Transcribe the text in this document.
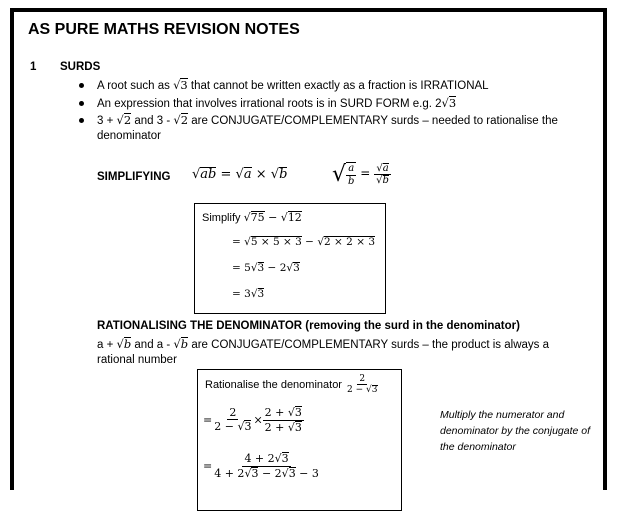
AS PURE MATHS REVISION NOTES
1 SURDS
A root such as √3 that cannot be written exactly as a fraction is IRRATIONAL
An expression that involves irrational roots is in SURD FORM e.g. 2√3
3 + √2 and 3 - √2 are CONJUGATE/COMPLEMENTARY surds – needed to rationalise the
denominator
SIMPLIFYING √ab = √a × √b √ $\frac{a}{b} = \frac{√a}{√b}$
Simplify √75 − √12
= √5 × 5 × 3 − √2 × 2 × 3
= 5√3 − 2√3
= 3√3
RATIONALISING THE DENOMINATOR (removing the surd in the denominator)
a + √b and a - √b are CONJUGATE/COMPLEMENTARY surds – the product is always a
rational number
Rationalise the denominator $\frac{2}{2 - √3}$
= $\frac{2}{2 - √3} \times \frac{2 + √3}{2 + √3}$
= $\frac{4 + 2√3}{4 + 2√3 - 2√3 - 3}$
Multiply the numerator and denominator by the conjugate of the denominator
